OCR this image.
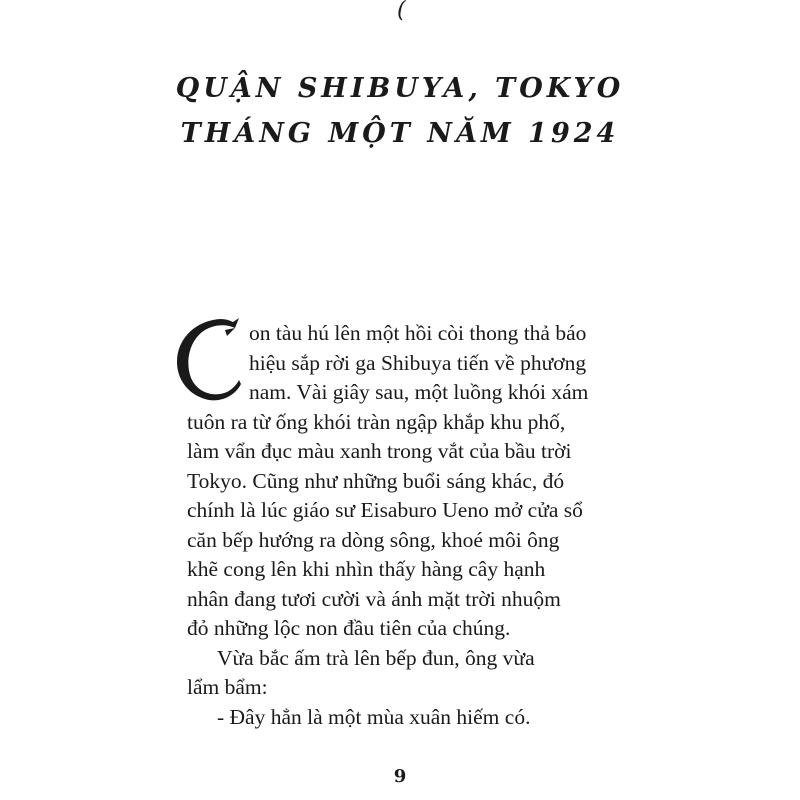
(
QUẬN SHIBUYA, TOKYO
THÁNG MỘT NĂM 1924
on tàu hú lên một hồi còi thong thả báo
hiệu sắp rời ga Shibuya tiến về phương
nam. Vài giây sau, một luồng khói xám
tuôn ra từ ống khói tràn ngập khắp khu phố,
làm vẩn đục màu xanh trong vắt của bầu trời
Tokyo. Cũng như những buổi sáng khác, đó
chính là lúc giáo sư Eisaburo Ueno mở cửa sổ
căn bếp hướng ra dòng sông, khoé môi ông
khẽ cong lên khi nhìn thấy hàng cây hạnh
nhân đang tươi cười và ánh mặt trời nhuộm
đỏ những lộc non đầu tiên của chúng.
Vừa bắc ấm trà lên bếp đun, ông vừa
lẩm bẩm:
- Đây hẳn là một mùa xuân hiếm có.
9
